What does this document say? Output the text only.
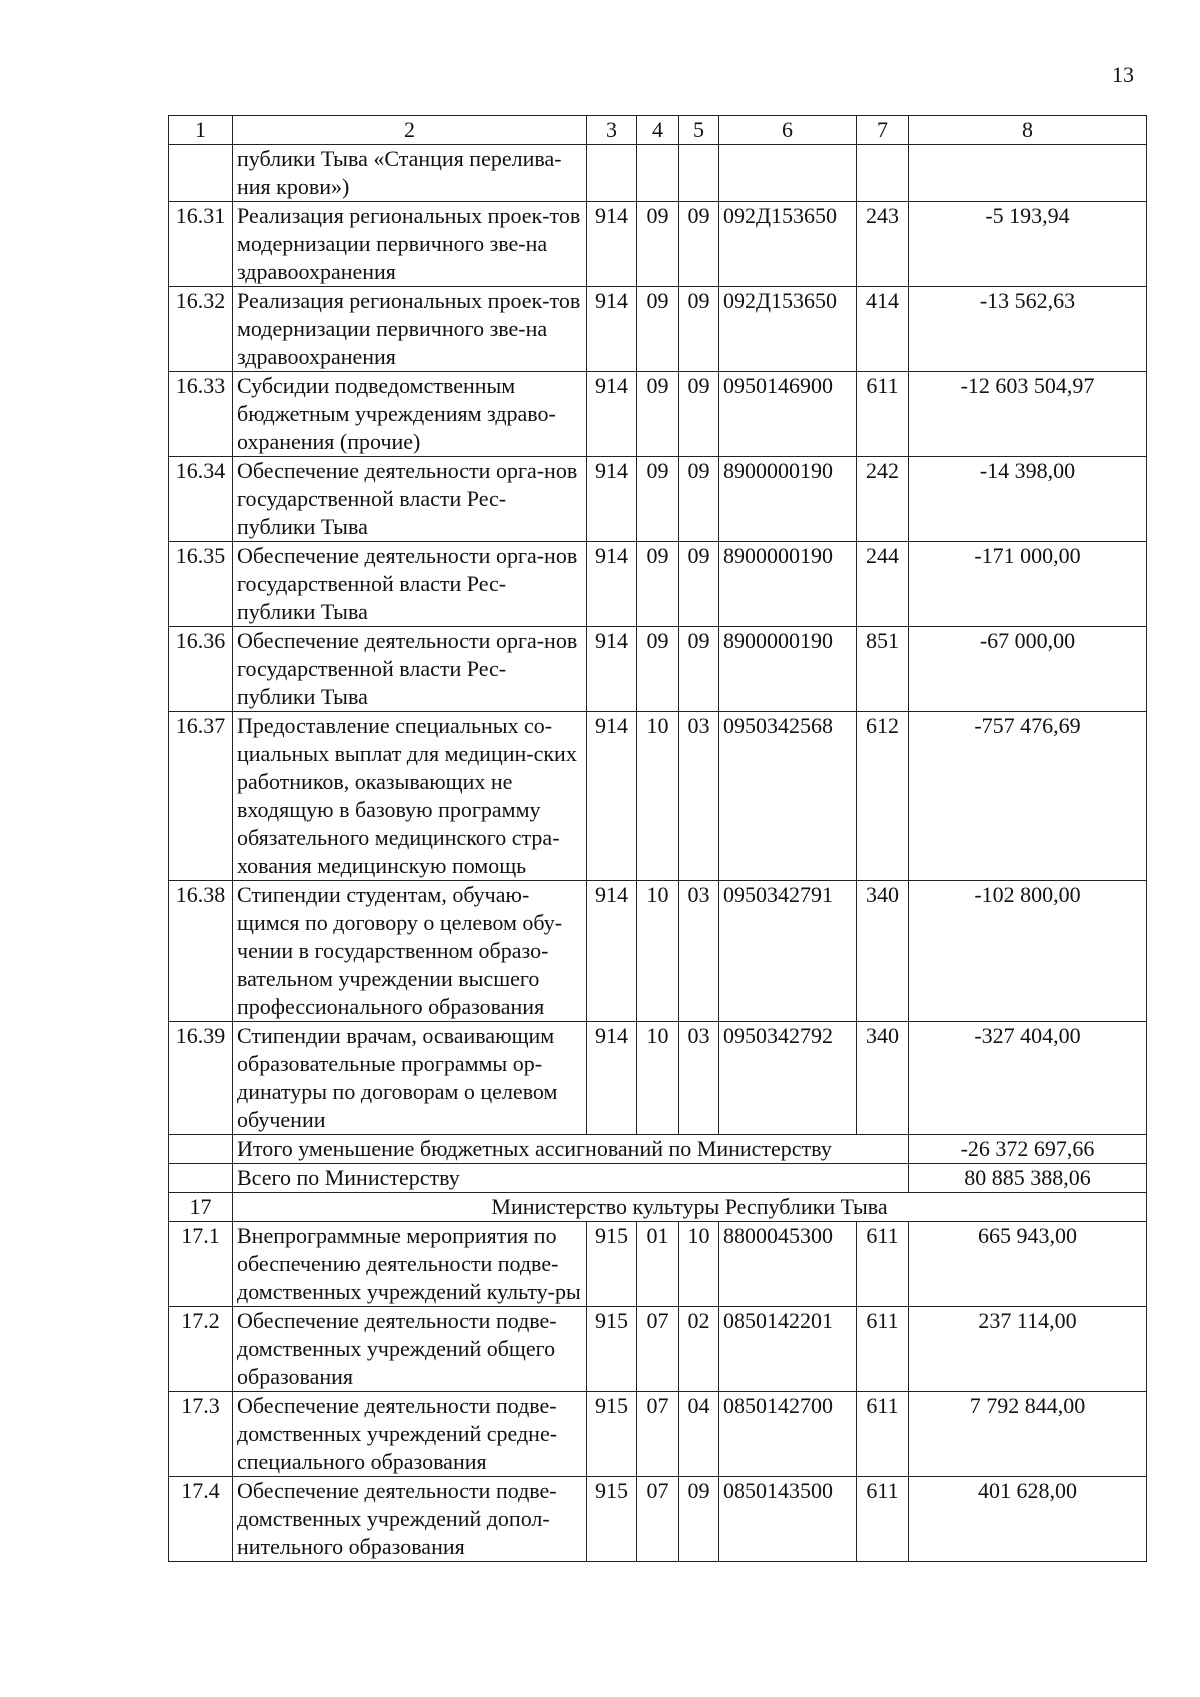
13
1	2	3	4	5	6	7	8
	публики Тыва «Станция перелива-ния крови»)						
16.31	Реализация региональных проек-тов модернизации первичного зве-на здравоохранения	914	09	09	092Д153650	243	-5 193,94
16.32	Реализация региональных проек-тов модернизации первичного зве-на здравоохранения	914	09	09	092Д153650	414	-13 562,63
16.33	Субсидии подведомственным бюджетным учреждениям здраво-охранения (прочие)	914	09	09	0950146900	611	-12 603 504,97
16.34	Обеспечение деятельности орга-нов государственной власти Рес-публики Тыва	914	09	09	8900000190	242	-14 398,00
16.35	Обеспечение деятельности орга-нов государственной власти Рес-публики Тыва	914	09	09	8900000190	244	-171 000,00
16.36	Обеспечение деятельности орга-нов государственной власти Рес-публики Тыва	914	09	09	8900000190	851	-67 000,00
16.37	Предоставление специальных со-циальных выплат для медицин-ских работников, оказывающих не входящую в базовую программу обязательного медицинского стра-хования медицинскую помощь	914	10	03	0950342568	612	-757 476,69
16.38	Стипендии студентам, обучаю-щимся по договору о целевом обу-чении в государственном образо-вательном учреждении высшего профессионального образования	914	10	03	0950342791	340	-102 800,00
16.39	Стипендии врачам, осваивающим образовательные программы ор-динатуры по договорам о целевом обучении	914	10	03	0950342792	340	-327 404,00
	Итого уменьшение бюджетных ассигнований по Министерству						-26 372 697,66
	Всего по Министерству						80 885 388,06
17	Министерство культуры Республики Тыва						
17.1	Внепрограммные мероприятия по обеспечению деятельности подве-домственных учреждений культу-ры	915	01	10	8800045300	611	665 943,00
17.2	Обеспечение деятельности подве-домственных учреждений общего образования	915	07	02	0850142201	611	237 114,00
17.3	Обеспечение деятельности подве-домственных учреждений средне-специального образования	915	07	04	0850142700	611	7 792 844,00
17.4	Обеспечение деятельности подве-домственных учреждений допол-нительного образования	915	07	09	0850143500	611	401 628,00
